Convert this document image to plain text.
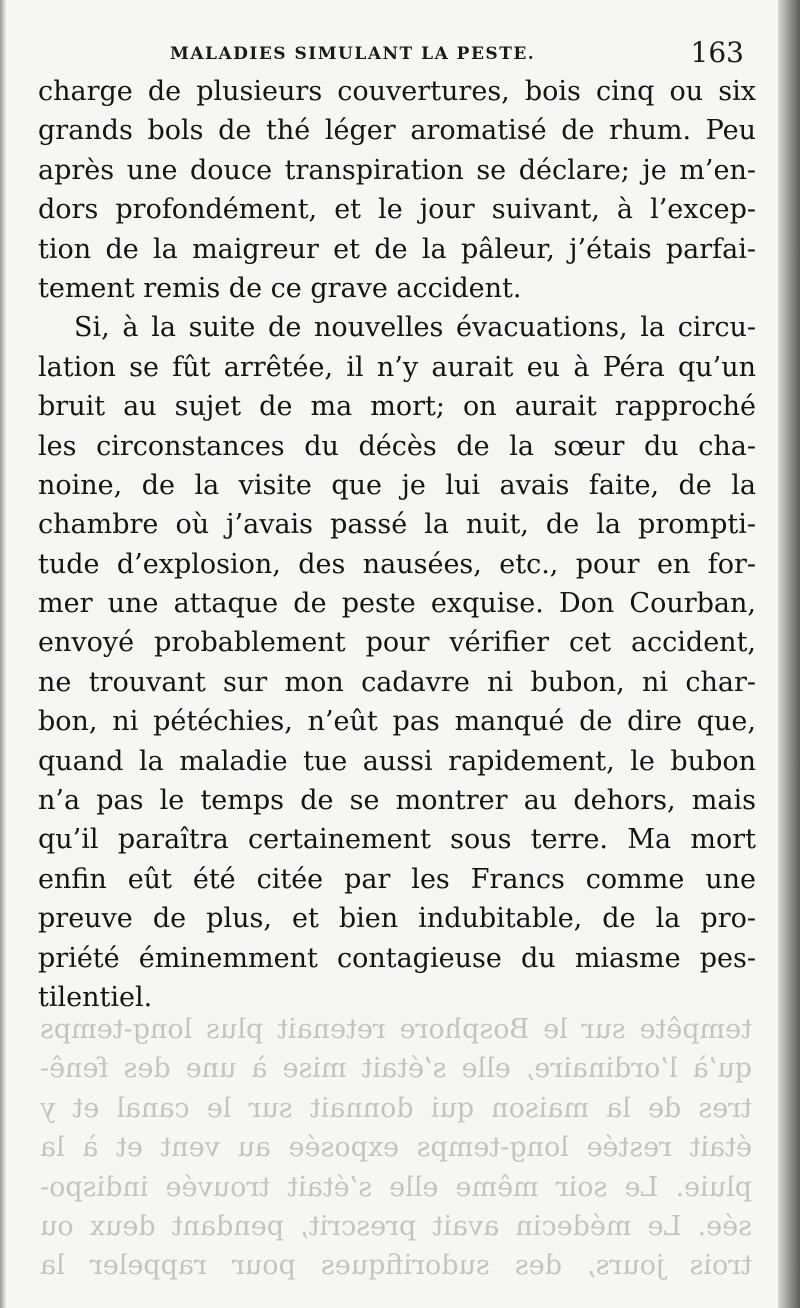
MALADIES SIMULANT LA PESTE.	163
tempête sur le Bosphore retenait plus long-temps
qu’à l’ordinaire, elle s’était mise à une des fenê-
tres de la maison qui donnait sur le canal et y
était restée long-temps exposée au vent et à la
pluie. Le soir même elle s’était trouvée indispo-
sée. Le médecin avait prescrit, pendant deux ou
trois jours, des sudorifiques pour rappeler la
charge de plusieurs couvertures, bois cinq ou six
grands bols de thé léger aromatisé de rhum. Peu
après une douce transpiration se déclare; je m’en-
dors profondément, et le jour suivant, à l’excep-
tion de la maigreur et de la pâleur, j’étais parfai-
tement remis de ce grave accident.
Si, à la suite de nouvelles évacuations, la circu-
lation se fût arrêtée, il n’y aurait eu à Péra qu’un
bruit au sujet de ma mort; on aurait rapproché
les circonstances du décès de la sœur du cha-
noine, de la visite que je lui avais faite, de la
chambre où j’avais passé la nuit, de la prompti-
tude d’explosion, des nausées, etc., pour en for-
mer une attaque de peste exquise. Don Courban,
envoyé probablement pour vérifier cet accident,
ne trouvant sur mon cadavre ni bubon, ni char-
bon, ni pétéchies, n’eût pas manqué de dire que,
quand la maladie tue aussi rapidement, le bubon
n’a pas le temps de se montrer au dehors, mais
qu’il paraîtra certainement sous terre. Ma mort
enfin eût été citée par les Francs comme une
preuve de plus, et bien indubitable, de la pro-
priété éminemment contagieuse du miasme pes-
tilentiel.
